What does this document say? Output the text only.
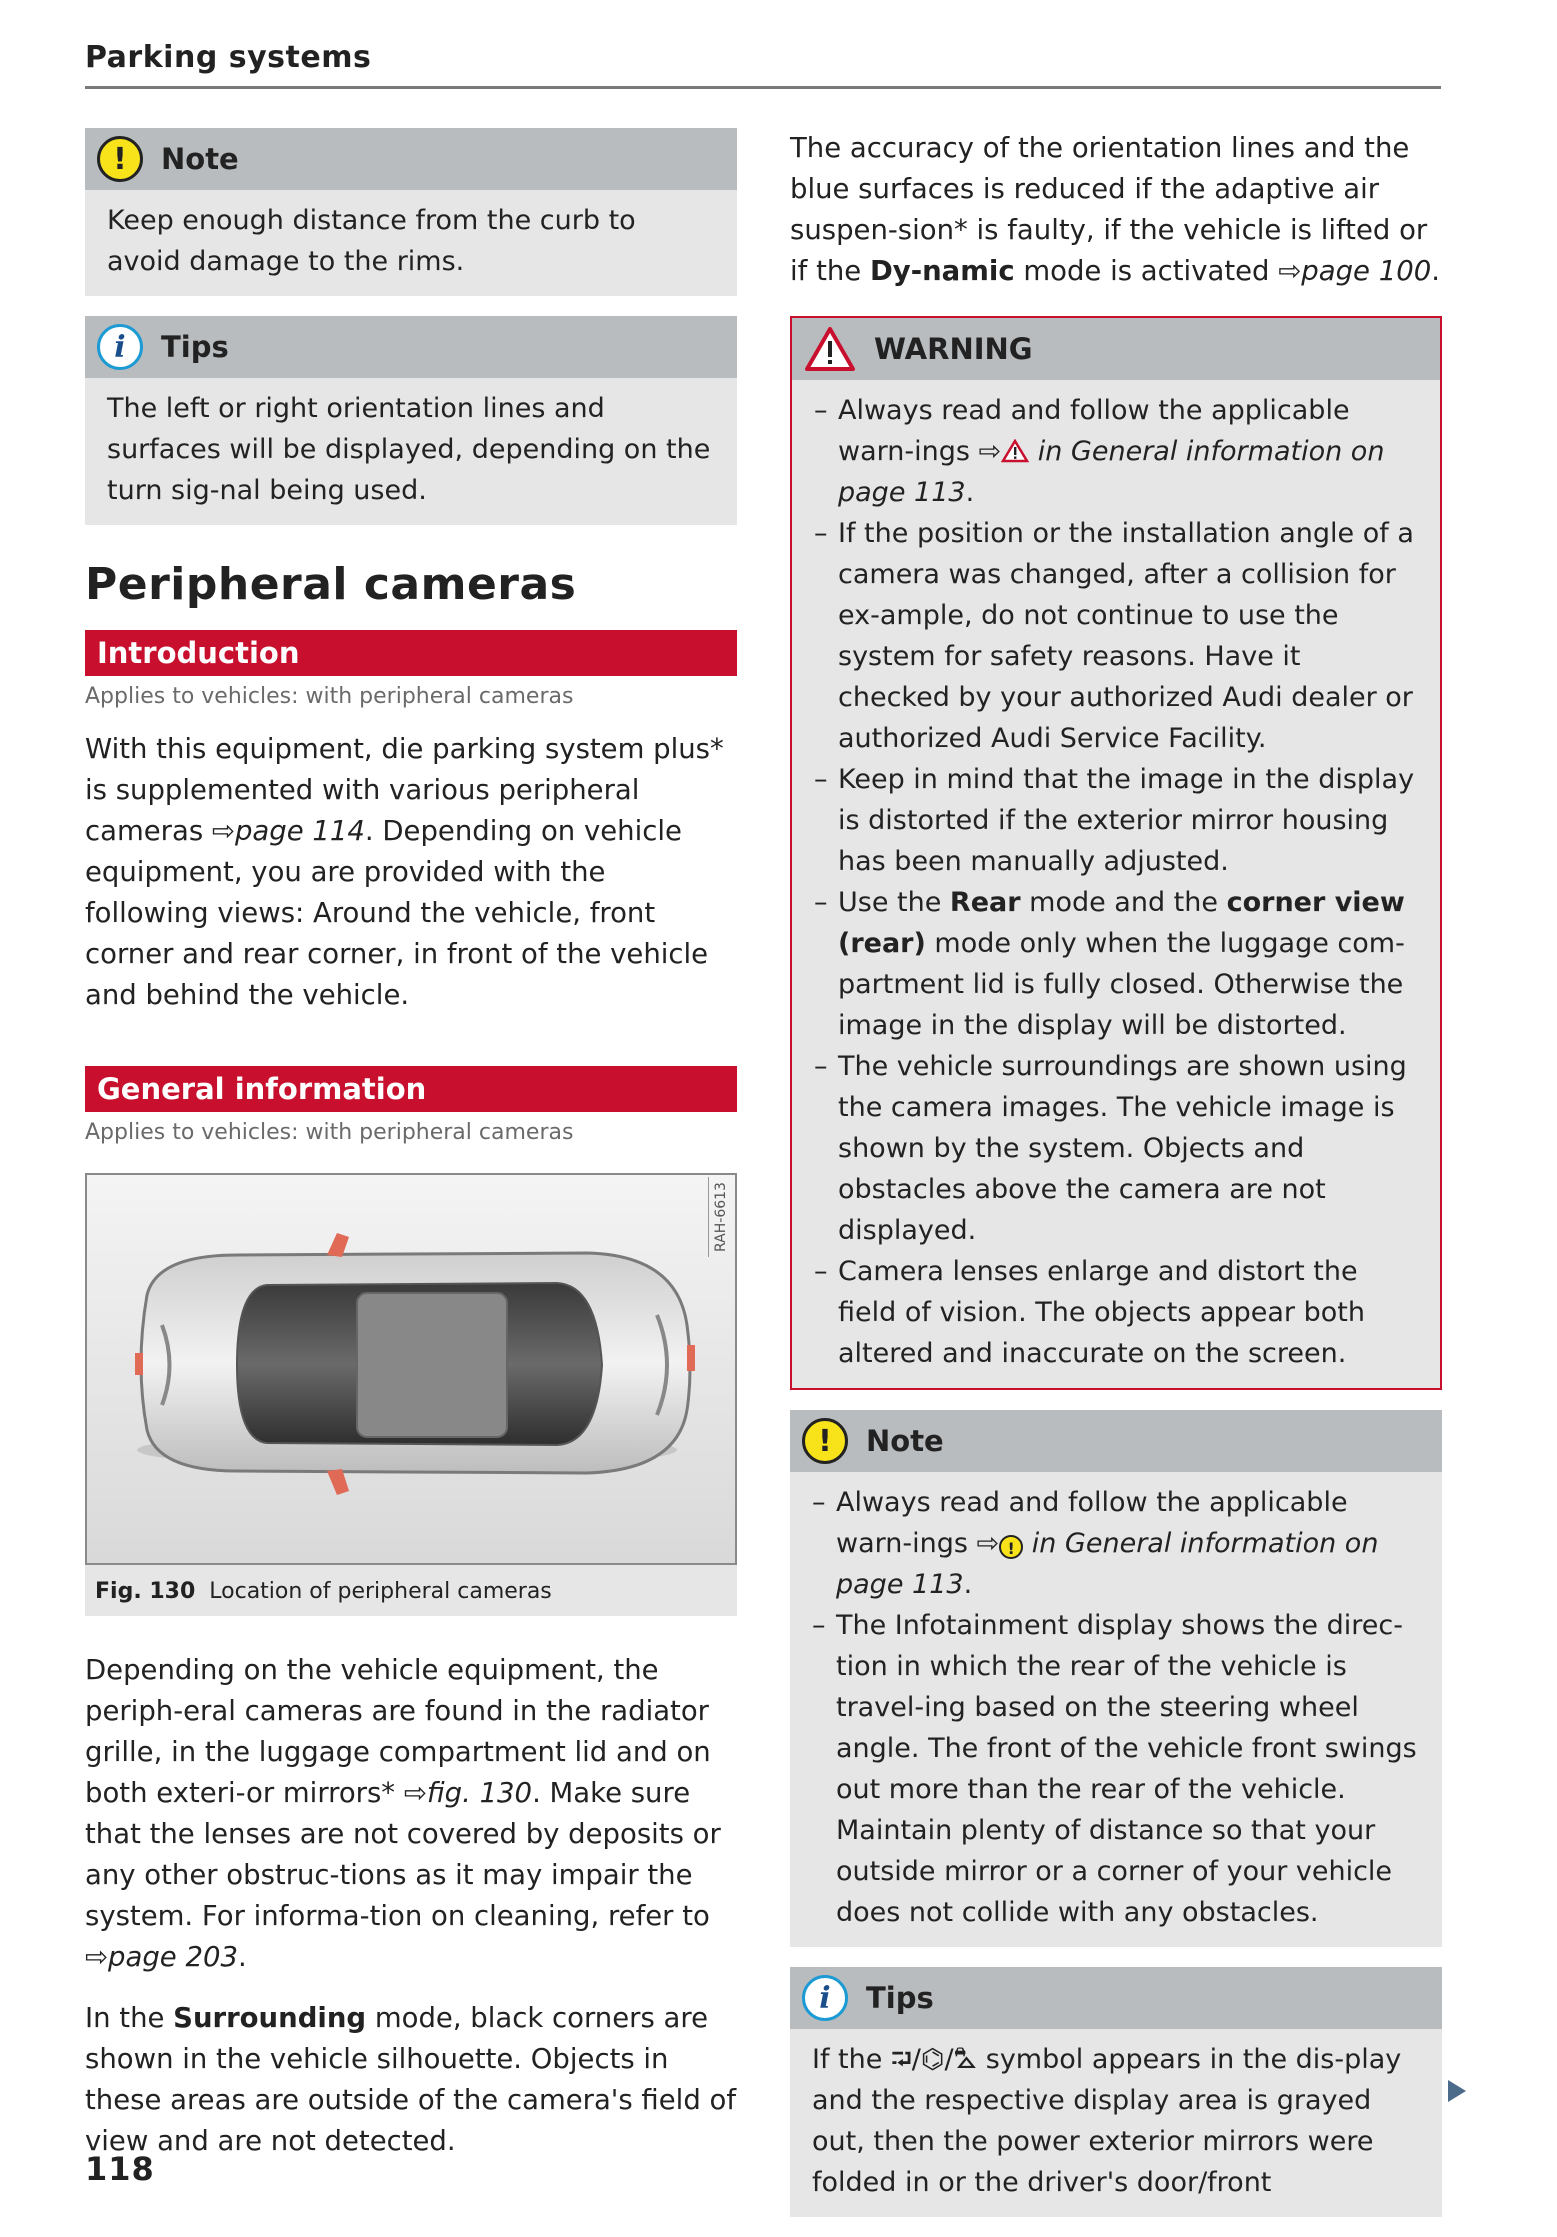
Parking systems
!	Note
Keep enough distance from the curb to avoid damage to the rims.
i	Tips
The left or right orientation lines and surfaces will be displayed, depending on the turn sig-nal being used.
Peripheral cameras
Introduction
Applies to vehicles: with peripheral cameras
With this equipment, die parking system plus* is supplemented with various peripheral cameras ⇨page 114. Depending on vehicle equipment, you are provided with the following views: Around the vehicle, front corner and rear corner, in front of the vehicle and behind the vehicle.
General information
Applies to vehicles: with peripheral cameras
RAH-6613
Fig. 130 Location of peripheral cameras
Depending on the vehicle equipment, the periph-eral cameras are found in the radiator grille, in the luggage compartment lid and on both exteri-or mirrors* ⇨fig. 130. Make sure that the lenses are not covered by deposits or any other obstruc-tions as it may impair the system. For informa-tion on cleaning, refer to ⇨page 203.
In the Surrounding mode, black corners are shown in the vehicle silhouette. Objects in these areas are outside of the camera's field of view and are not detected.
The accuracy of the orientation lines and the blue surfaces is reduced if the adaptive air suspen-sion* is faulty, if the vehicle is lifted or if the Dy-namic mode is activated ⇨page 100.
WARNING
– Always read and follow the applicable warn-ings ⇨ in General information on page 113.
– If the position or the installation angle of a camera was changed, after a collision for ex-ample, do not continue to use the system for safety reasons. Have it checked by your authorized Audi dealer or authorized Audi Service Facility.
– Keep in mind that the image in the display is distorted if the exterior mirror housing has been manually adjusted.
– Use the Rear mode and the corner view (rear) mode only when the luggage com-partment lid is fully closed. Otherwise the image in the display will be distorted.
– The vehicle surroundings are shown using the camera images. The vehicle image is shown by the system. Objects and obstacles above the camera are not displayed.
– Camera lenses enlarge and distort the field of vision. The objects appear both altered and inaccurate on the screen.
!	Note
– Always read and follow the applicable warn-ings ⇨ ! in General information on page 113.
– The Infotainment display shows the direc-tion in which the rear of the vehicle is travel-ing based on the steering wheel angle. The front of the vehicle front swings out more than the rear of the vehicle. Maintain plenty of distance so that your outside mirror or a corner of your vehicle does not collide with any obstacles.
i	Tips
If the ⮒/⌬/⛍ symbol appears in the dis-play and the respective display area is grayed out, then the power exterior mirrors were folded in or the driver's door/front
118
